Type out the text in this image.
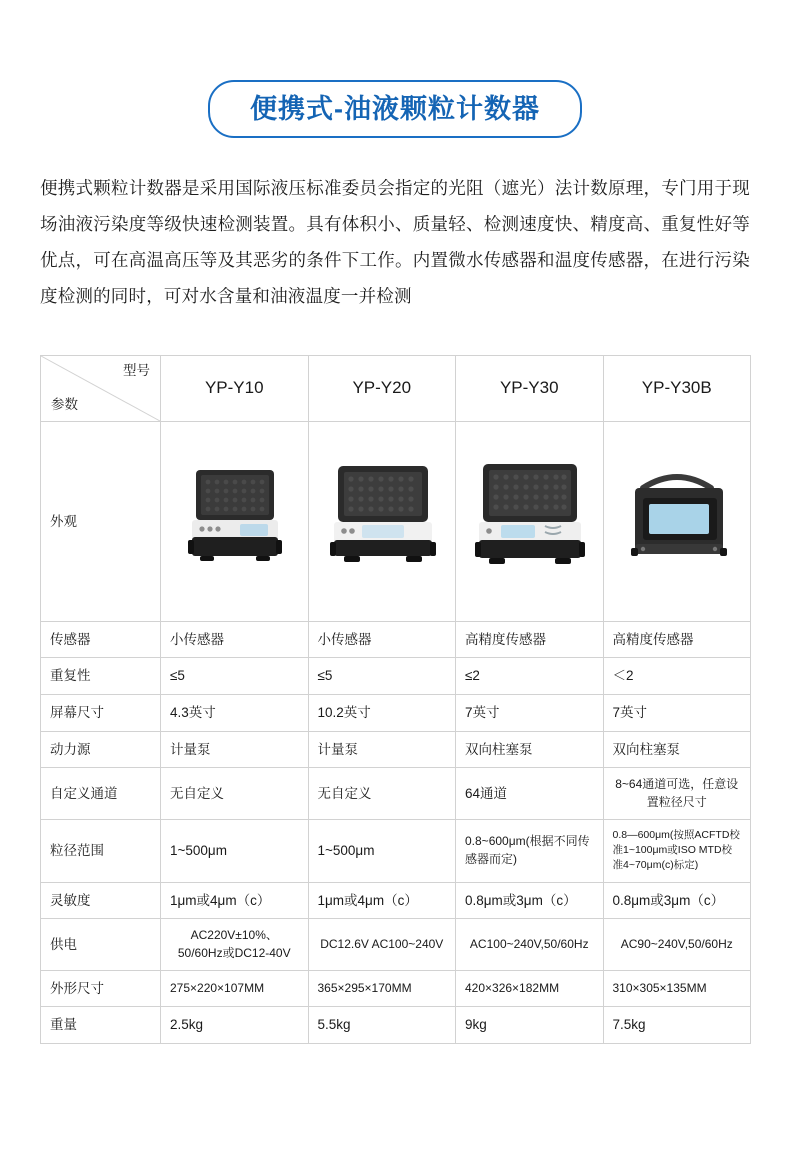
便携式-油液颗粒计数器
便携式颗粒计数器是采用国际液压标准委员会指定的光阻（遮光）法计数原理，专门用于现场油液污染度等级快速检测装置。具有体积小、质量轻、检测速度快、精度高、重复性好等优点，可在高温高压等及其恶劣的条件下工作。内置微水传感器和温度传感器，在进行污染度检测的同时，可对水含量和油液温度一并检测
型号
参数	YP-Y10	YP-Y20	YP-Y30	YP-Y30B
外观	

传感器	小传感器	小传感器	高精度传感器	高精度传感器
重复性	≤5	≤5	≤2	＜2
屏幕尺寸	4.3英寸	10.2英寸	7英寸	7英寸
动力源	计量泵	计量泵	双向柱塞泵	双向柱塞泵
自定义通道	无自定义	无自定义	64通道	8~64通道可选，任意设置粒径尺寸
粒径范围	1~500μm	1~500μm	0.8~600μm(根据不同传感器而定)	0.8—600μm(按照ACFTD校准1~100μm或ISO MTD校准4~70μm(c)标定)
灵敏度	1μm或4μm（c）	1μm或4μm（c）	0.8μm或3μm（c）	0.8μm或3μm（c）
供电	AC220V±10%、50/60Hz或DC12-40V	DC12.6V AC100~240V	AC100~240V,50/60Hz	AC90~240V,50/60Hz
外形尺寸	275×220×107MM	365×295×170MM	420×326×182MM	310×305×135MM
重量	2.5kg	5.5kg	9kg	7.5kg
